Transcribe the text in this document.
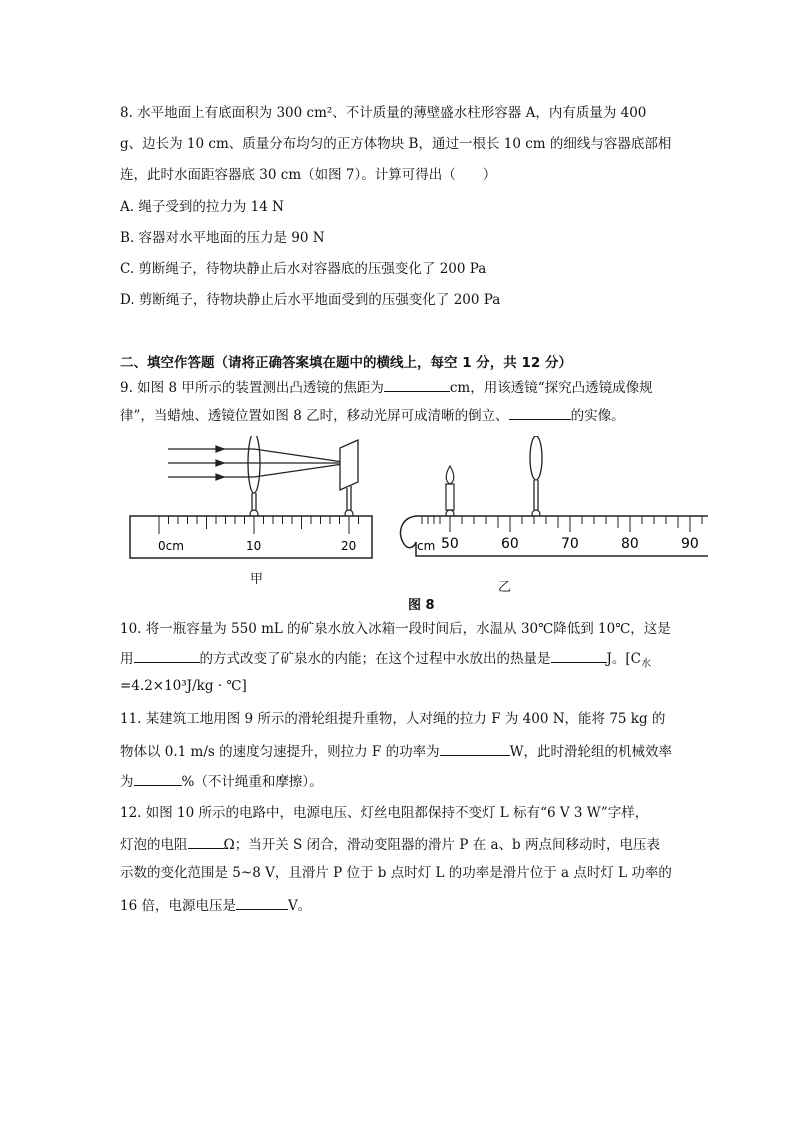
8. 水平地面上有底面积为 300 cm²、不计质量的薄壁盛水柱形容器 A，内有质量为 400
g、边长为 10 cm、质量分布均匀的正方体物块 B，通过一根长 10 cm 的细线与容器底部相
连，此时水面距容器底 30 cm（如图 7）。计算可得出（　　）
A. 绳子受到的拉力为 14 N
B. 容器对水平地面的压力是 90 N
C. 剪断绳子，待物块静止后水对容器底的压强变化了 200 Pa
D. 剪断绳子，待物块静止后水平地面受到的压强变化了 200 Pa
二、填空作答题（请将正确答案填在题中的横线上，每空 1 分，共 12 分）
9. 如图 8 甲所示的装置测出凸透镜的焦距为	cm，用该透镜“探究凸透镜成像规
律”，当蜡烛、透镜位置如图 8 乙时，移动光屏可成清晰的倒立、	的实像。
0cm	10	20	cm 50	60	70	80	90
甲
乙
图 8
10. 将一瓶容量为 550 mL 的矿泉水放入冰箱一段时间后，水温从 30℃降低到 10℃，这是
用	的方式改变了矿泉水的内能；在这个过程中水放出的热量是	J。[$C_水$
=4.2×10³J/kg · ℃]
11. 某建筑工地用图 9 所示的滑轮组提升重物，人对绳的拉力 F 为 400 N，能将 75 kg 的
物体以 0.1 m/s 的速度匀速提升，则拉力 F 的功率为	W，此时滑轮组的机械效率
为	%（不计绳重和摩擦）。
12. 如图 10 所示的电路中，电源电压、灯丝电阻都保持不变灯 L 标有“6 V 3 W”字样，
灯泡的电阻	Ω；当开关 S 闭合，滑动变阻器的滑片 P 在 a、b 两点间移动时，电压表
示数的变化范围是 5~8 V，且滑片 P 位于 b 点时灯 L 的功率是滑片位于 a 点时灯 L 功率的
16 倍，电源电压是	V。
